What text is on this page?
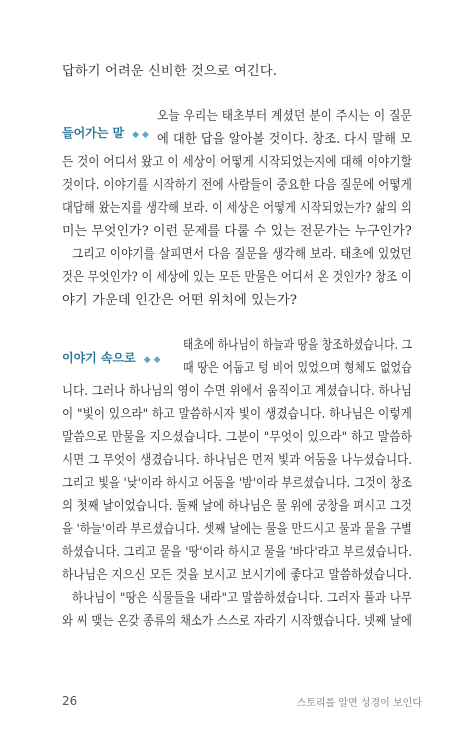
답하기 어려운 신비한 것으로 여긴다.
들어가는 말 ◆◆
오늘 우리는 태초부터 계셨던 분이 주시는 이 질문
에 대한 답을 알아볼 것이다. 창조. 다시 말해 모
든 것이 어디서 왔고 이 세상이 어떻게 시작되었는지에 대해 이야기할
것이다. 이야기를 시작하기 전에 사람들이 중요한 다음 질문에 어떻게
대답해 왔는지를 생각해 보라. 이 세상은 어떻게 시작되었는가? 삶의 의
미는 무엇인가? 이런 문제를 다룰 수 있는 전문가는 누구인가?
그리고 이야기를 살피면서 다음 질문을 생각해 보라. 태초에 있었던
것은 무엇인가? 이 세상에 있는 모든 만물은 어디서 온 것인가? 창조 이
야기 가운데 인간은 어떤 위치에 있는가?
이야기 속으로 ◆◆
태초에 하나님이 하늘과 땅을 창조하셨습니다. 그
때 땅은 어둡고 텅 비어 있었으며 형체도 없었습
니다. 그러나 하나님의 영이 수면 위에서 움직이고 계셨습니다. 하나님
이 "빛이 있으라" 하고 말씀하시자 빛이 생겼습니다. 하나님은 이렇게
말씀으로 만물을 지으셨습니다. 그분이 "무엇이 있으라" 하고 말씀하
시면 그 무엇이 생겼습니다. 하나님은 먼저 빛과 어둠을 나누셨습니다.
그리고 빛을 '낮'이라 하시고 어둠을 '밤'이라 부르셨습니다. 그것이 창조
의 첫째 날이었습니다. 둘째 날에 하나님은 물 위에 궁창을 펴시고 그것
을 '하늘'이라 부르셨습니다. 셋째 날에는 물을 만드시고 물과 뭍을 구별
하셨습니다. 그리고 뭍을 '땅'이라 하시고 물을 '바다'라고 부르셨습니다.
하나님은 지으신 모든 것을 보시고 보시기에 좋다고 말씀하셨습니다.
하나님이 "땅은 식물들을 내라"고 말씀하셨습니다. 그러자 풀과 나무
와 씨 맺는 온갖 종류의 채소가 스스로 자라기 시작했습니다. 넷째 날에
26	스토리를 알면 성경이 보인다
